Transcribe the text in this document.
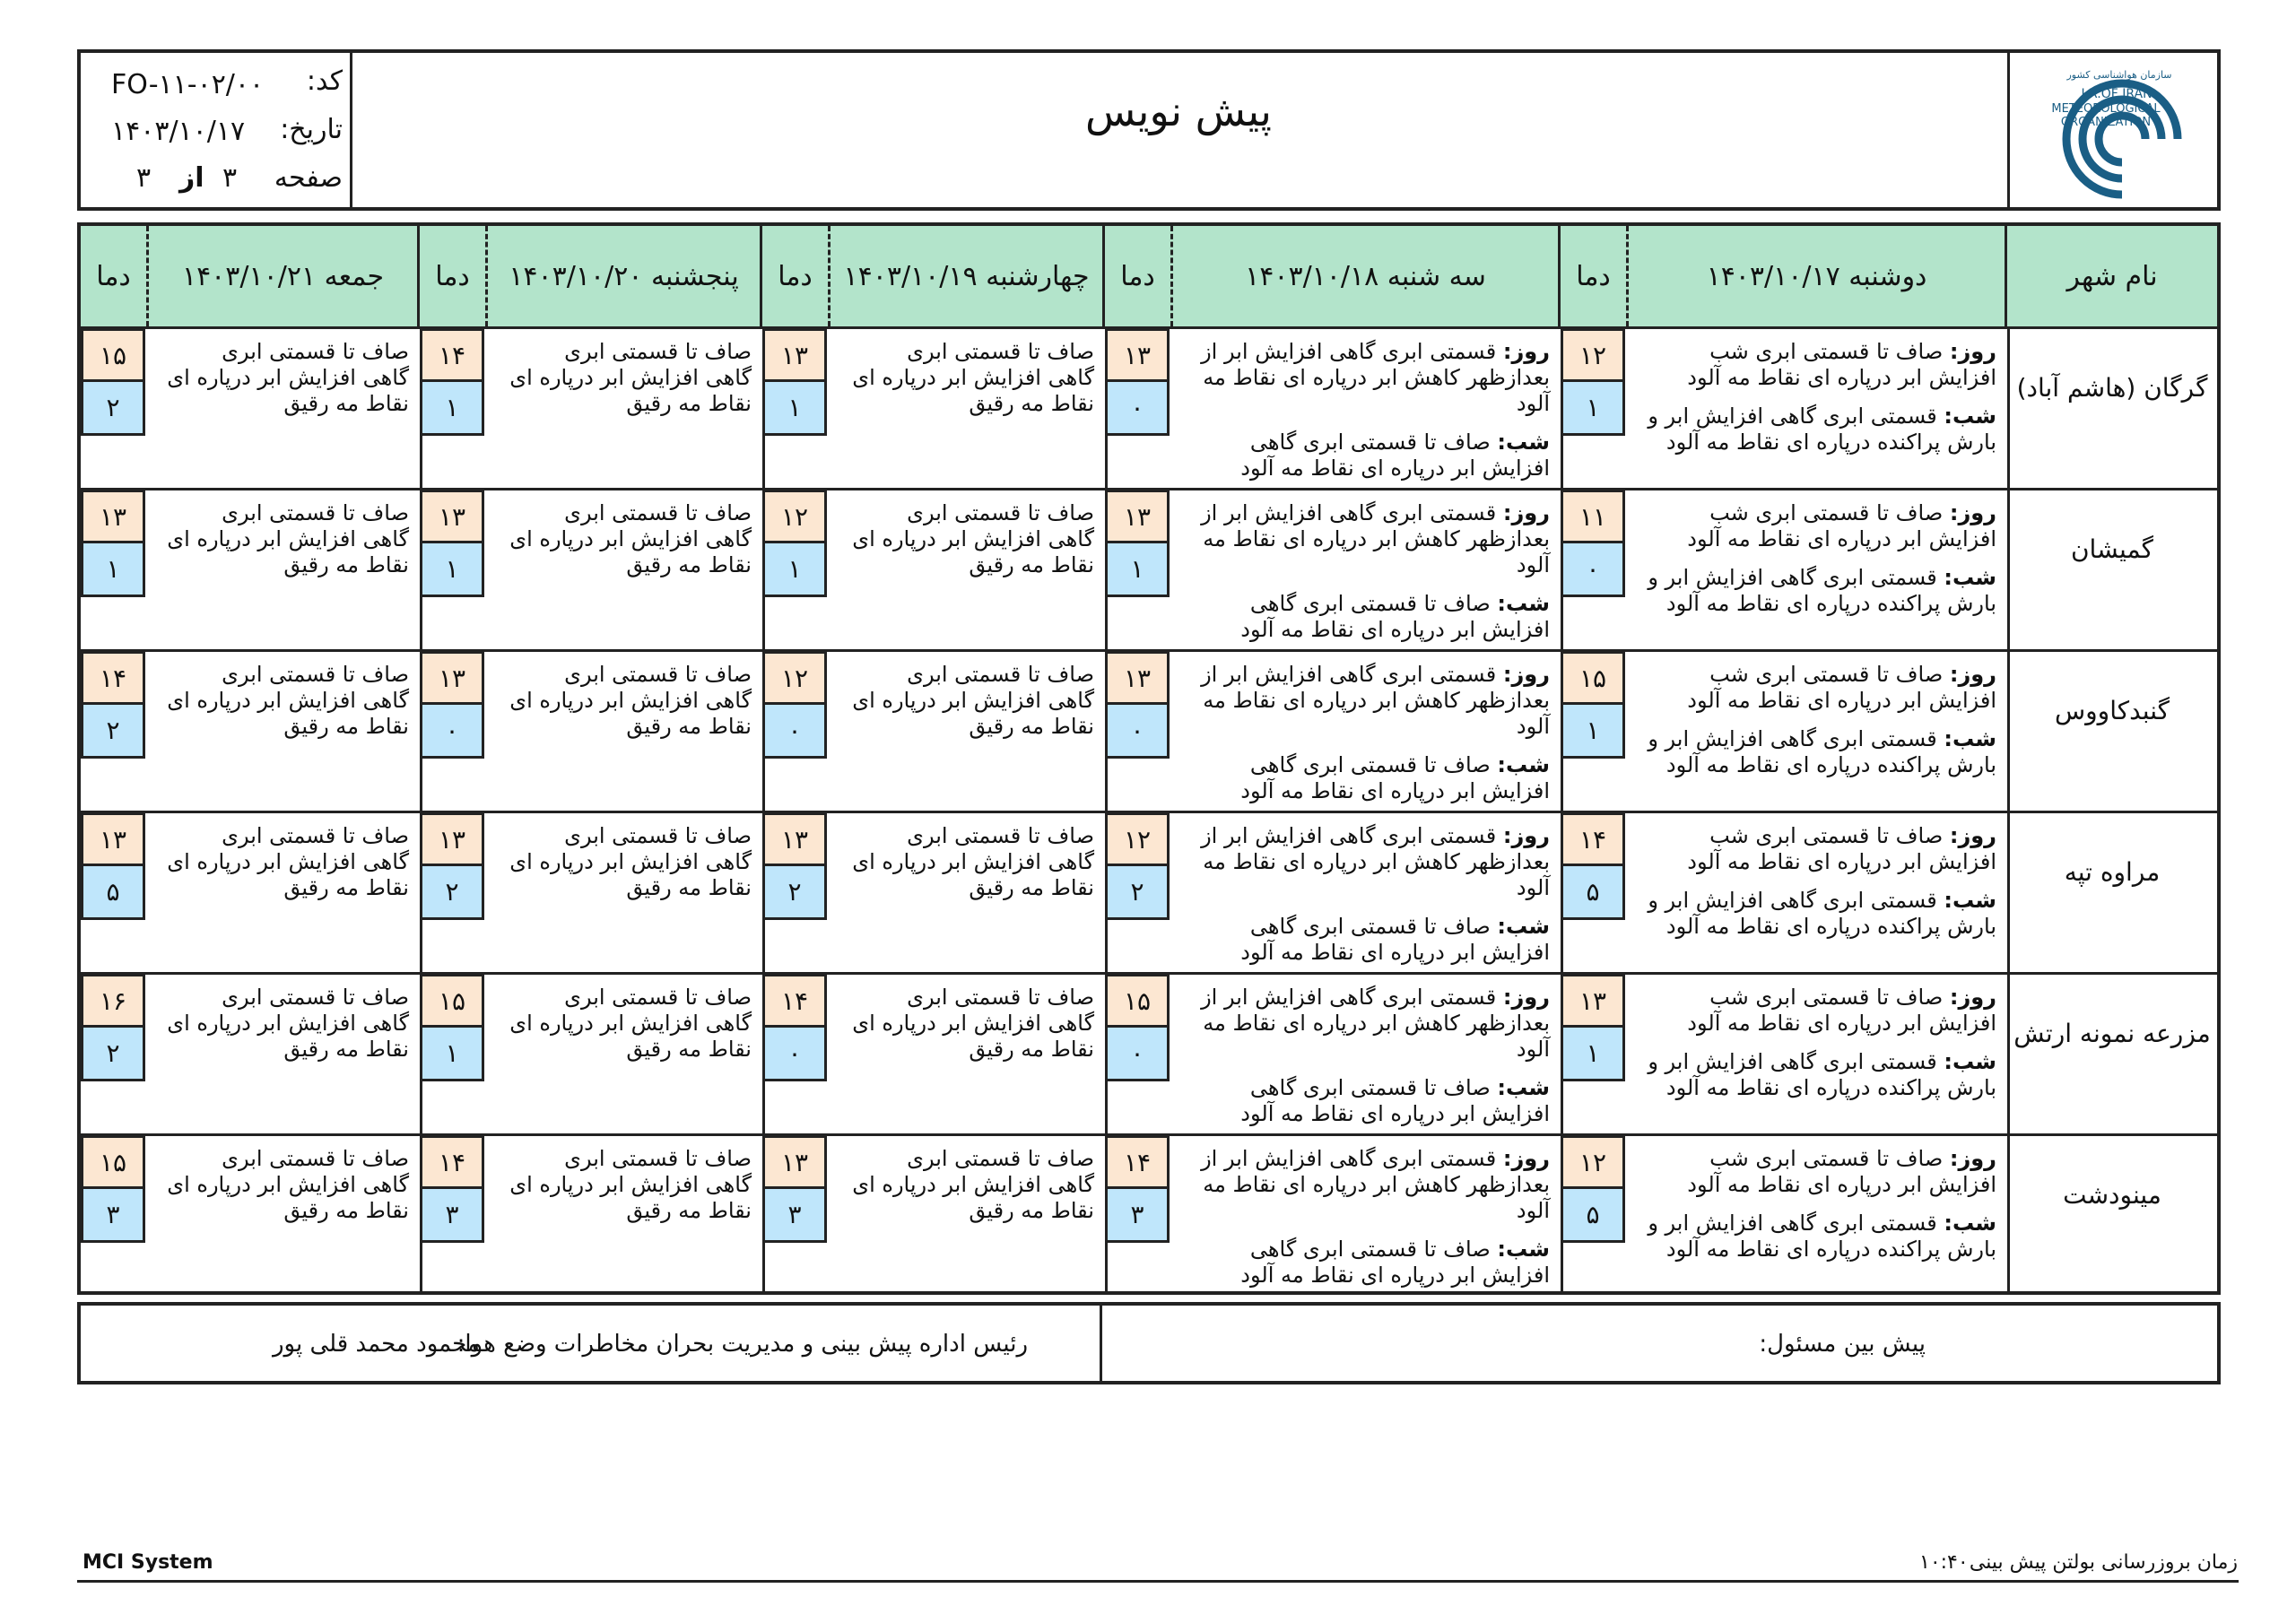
کد:
FO-۱۱-۰۲/۰۰
تاریخ:
۱۴۰۳/۱۰/۱۷
صفحه
۳
از
۳
پیش نویس
سازمان هواشناسی کشور
I.R.OF IRAN
METEOROLOGICAL
ORGANIZATION
نام شهر
دوشنبه ۱۴۰۳/۱۰/۱۷
دما
سه شنبه ۱۴۰۳/۱۰/۱۸
دما
چهارشنبه ۱۴۰۳/۱۰/۱۹
دما
پنجشنبه ۱۴۰۳/۱۰/۲۰
دما
جمعه ۱۴۰۳/۱۰/۲۱
دما
گرگان (هاشم آباد)
۱۲
۱
روز: صاف تا قسمتی ابری شب
افزایش ابر درپاره ای نقاط مه آلود
شب: قسمتی ابری گاهی افزایش ابر و
بارش پراکنده درپاره ای نقاط مه آلود
۱۳
۰
روز: قسمتی ابری گاهی افزایش ابر از
بعدازظهر کاهش ابر درپاره ای نقاط مه
آلود
شب: صاف تا قسمتی ابری گاهی
افزایش ابر درپاره ای نقاط مه آلود
۱۳
۱
صاف تا قسمتی ابری
گاهی افزایش ابر درپاره ای
نقاط مه رقیق
۱۴
۱
صاف تا قسمتی ابری
گاهی افزایش ابر درپاره ای
نقاط مه رقیق
۱۵
۲
صاف تا قسمتی ابری
گاهی افزایش ابر درپاره ای
نقاط مه رقیق
گمیشان
۱۱
۰
روز: صاف تا قسمتی ابری شب
افزایش ابر درپاره ای نقاط مه آلود
شب: قسمتی ابری گاهی افزایش ابر و
بارش پراکنده درپاره ای نقاط مه آلود
۱۳
۱
روز: قسمتی ابری گاهی افزایش ابر از
بعدازظهر کاهش ابر درپاره ای نقاط مه
آلود
شب: صاف تا قسمتی ابری گاهی
افزایش ابر درپاره ای نقاط مه آلود
۱۲
۱
صاف تا قسمتی ابری
گاهی افزایش ابر درپاره ای
نقاط مه رقیق
۱۳
۱
صاف تا قسمتی ابری
گاهی افزایش ابر درپاره ای
نقاط مه رقیق
۱۳
۱
صاف تا قسمتی ابری
گاهی افزایش ابر درپاره ای
نقاط مه رقیق
گنبدکاووس
۱۵
۱
روز: صاف تا قسمتی ابری شب
افزایش ابر درپاره ای نقاط مه آلود
شب: قسمتی ابری گاهی افزایش ابر و
بارش پراکنده درپاره ای نقاط مه آلود
۱۳
۰
روز: قسمتی ابری گاهی افزایش ابر از
بعدازظهر کاهش ابر درپاره ای نقاط مه
آلود
شب: صاف تا قسمتی ابری گاهی
افزایش ابر درپاره ای نقاط مه آلود
۱۲
۰
صاف تا قسمتی ابری
گاهی افزایش ابر درپاره ای
نقاط مه رقیق
۱۳
۰
صاف تا قسمتی ابری
گاهی افزایش ابر درپاره ای
نقاط مه رقیق
۱۴
۲
صاف تا قسمتی ابری
گاهی افزایش ابر درپاره ای
نقاط مه رقیق
مراوه تپه
۱۴
۵
روز: صاف تا قسمتی ابری شب
افزایش ابر درپاره ای نقاط مه آلود
شب: قسمتی ابری گاهی افزایش ابر و
بارش پراکنده درپاره ای نقاط مه آلود
۱۲
۲
روز: قسمتی ابری گاهی افزایش ابر از
بعدازظهر کاهش ابر درپاره ای نقاط مه
آلود
شب: صاف تا قسمتی ابری گاهی
افزایش ابر درپاره ای نقاط مه آلود
۱۳
۲
صاف تا قسمتی ابری
گاهی افزایش ابر درپاره ای
نقاط مه رقیق
۱۳
۲
صاف تا قسمتی ابری
گاهی افزایش ابر درپاره ای
نقاط مه رقیق
۱۳
۵
صاف تا قسمتی ابری
گاهی افزایش ابر درپاره ای
نقاط مه رقیق
مزرعه نمونه ارتش
۱۳
۱
روز: صاف تا قسمتی ابری شب
افزایش ابر درپاره ای نقاط مه آلود
شب: قسمتی ابری گاهی افزایش ابر و
بارش پراکنده درپاره ای نقاط مه آلود
۱۵
۰
روز: قسمتی ابری گاهی افزایش ابر از
بعدازظهر کاهش ابر درپاره ای نقاط مه
آلود
شب: صاف تا قسمتی ابری گاهی
افزایش ابر درپاره ای نقاط مه آلود
۱۴
۰
صاف تا قسمتی ابری
گاهی افزایش ابر درپاره ای
نقاط مه رقیق
۱۵
۱
صاف تا قسمتی ابری
گاهی افزایش ابر درپاره ای
نقاط مه رقیق
۱۶
۲
صاف تا قسمتی ابری
گاهی افزایش ابر درپاره ای
نقاط مه رقیق
مینودشت
۱۲
۵
روز: صاف تا قسمتی ابری شب
افزایش ابر درپاره ای نقاط مه آلود
شب: قسمتی ابری گاهی افزایش ابر و
بارش پراکنده درپاره ای نقاط مه آلود
۱۴
۳
روز: قسمتی ابری گاهی افزایش ابر از
بعدازظهر کاهش ابر درپاره ای نقاط مه
آلود
شب: صاف تا قسمتی ابری گاهی
افزایش ابر درپاره ای نقاط مه آلود
۱۳
۳
صاف تا قسمتی ابری
گاهی افزایش ابر درپاره ای
نقاط مه رقیق
۱۴
۳
صاف تا قسمتی ابری
گاهی افزایش ابر درپاره ای
نقاط مه رقیق
۱۵
۳
صاف تا قسمتی ابری
گاهی افزایش ابر درپاره ای
نقاط مه رقیق
پیش بین مسئول:
رئیس اداره پیش بینی و مدیریت بحران مخاطرات وضع هوا:
محمود محمد قلی پور
MCI System	زمان بروزرسانی بولتن پیش بینی
۱۰:۴۰
